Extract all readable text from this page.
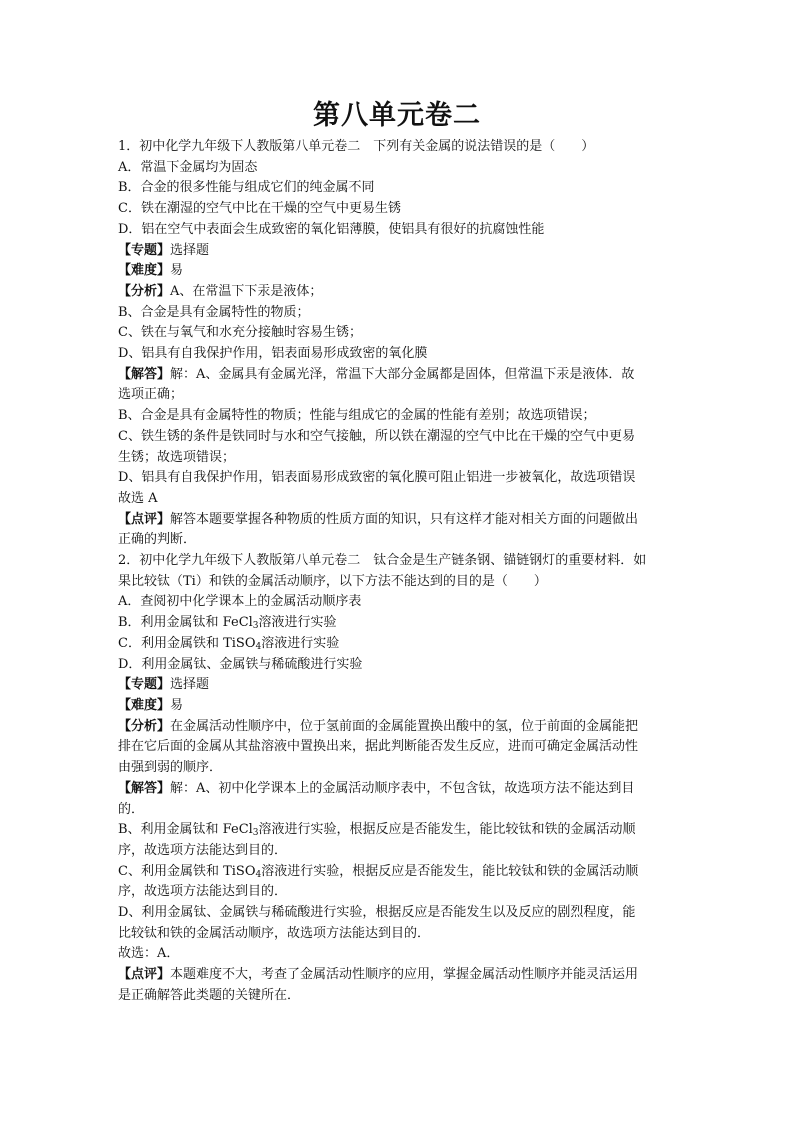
第八单元卷二
1．初中化学九年级下人教版第八单元卷二　下列有关金属的说法错误的是（　　）
A．常温下金属均为固态
B．合金的很多性能与组成它们的纯金属不同
C．铁在潮湿的空气中比在干燥的空气中更易生锈
D．铝在空气中表面会生成致密的氧化铝薄膜，使铝具有很好的抗腐蚀性能
【专题】选择题
【难度】易
【分析】A、在常温下下汞是液体；
B、合金是具有金属特性的物质；
C、铁在与氧气和水充分接触时容易生锈；
D、铝具有自我保护作用，铝表面易形成致密的氧化膜
【解答】解：A、金属具有金属光泽，常温下大部分金属都是固体，但常温下汞是液体．故
选项正确；
B、合金是具有金属特性的物质；性能与组成它的金属的性能有差别；故选项错误；
C、铁生锈的条件是铁同时与水和空气接触，所以铁在潮湿的空气中比在干燥的空气中更易
生锈；故选项错误；
D、铝具有自我保护作用，铝表面易形成致密的氧化膜可阻止铝进一步被氧化，故选项错误
故选 A
【点评】解答本题要掌握各种物质的性质方面的知识，只有这样才能对相关方面的问题做出
正确的判断．
2．初中化学九年级下人教版第八单元卷二　钛合金是生产链条钢、锚链钢灯的重要材料．如
果比较钛（Ti）和铁的金属活动顺序，以下方法不能达到的目的是（　　）
A．查阅初中化学课本上的金属活动顺序表
B．利用金属钛和 FeCl$_3$溶液进行实验
C．利用金属铁和 TiSO$_4$溶液进行实验
D．利用金属钛、金属铁与稀硫酸进行实验
【专题】选择题
【难度】易
【分析】在金属活动性顺序中，位于氢前面的金属能置换出酸中的氢，位于前面的金属能把
排在它后面的金属从其盐溶液中置换出来，据此判断能否发生反应，进而可确定金属活动性
由强到弱的顺序．
【解答】解：A、初中化学课本上的金属活动顺序表中，不包含钛，故选项方法不能达到目
的．
B、利用金属钛和 FeCl$_3$溶液进行实验，根据反应是否能发生，能比较钛和铁的金属活动顺
序，故选项方法能达到目的．
C、利用金属铁和 TiSO$_4$溶液进行实验，根据反应是否能发生，能比较钛和铁的金属活动顺
序，故选项方法能达到目的．
D、利用金属钛、金属铁与稀硫酸进行实验，根据反应是否能发生以及反应的剧烈程度，能
比较钛和铁的金属活动顺序，故选项方法能达到目的．
故选：A．
【点评】本题难度不大，考查了金属活动性顺序的应用，掌握金属活动性顺序并能灵活运用
是正确解答此类题的关键所在．
